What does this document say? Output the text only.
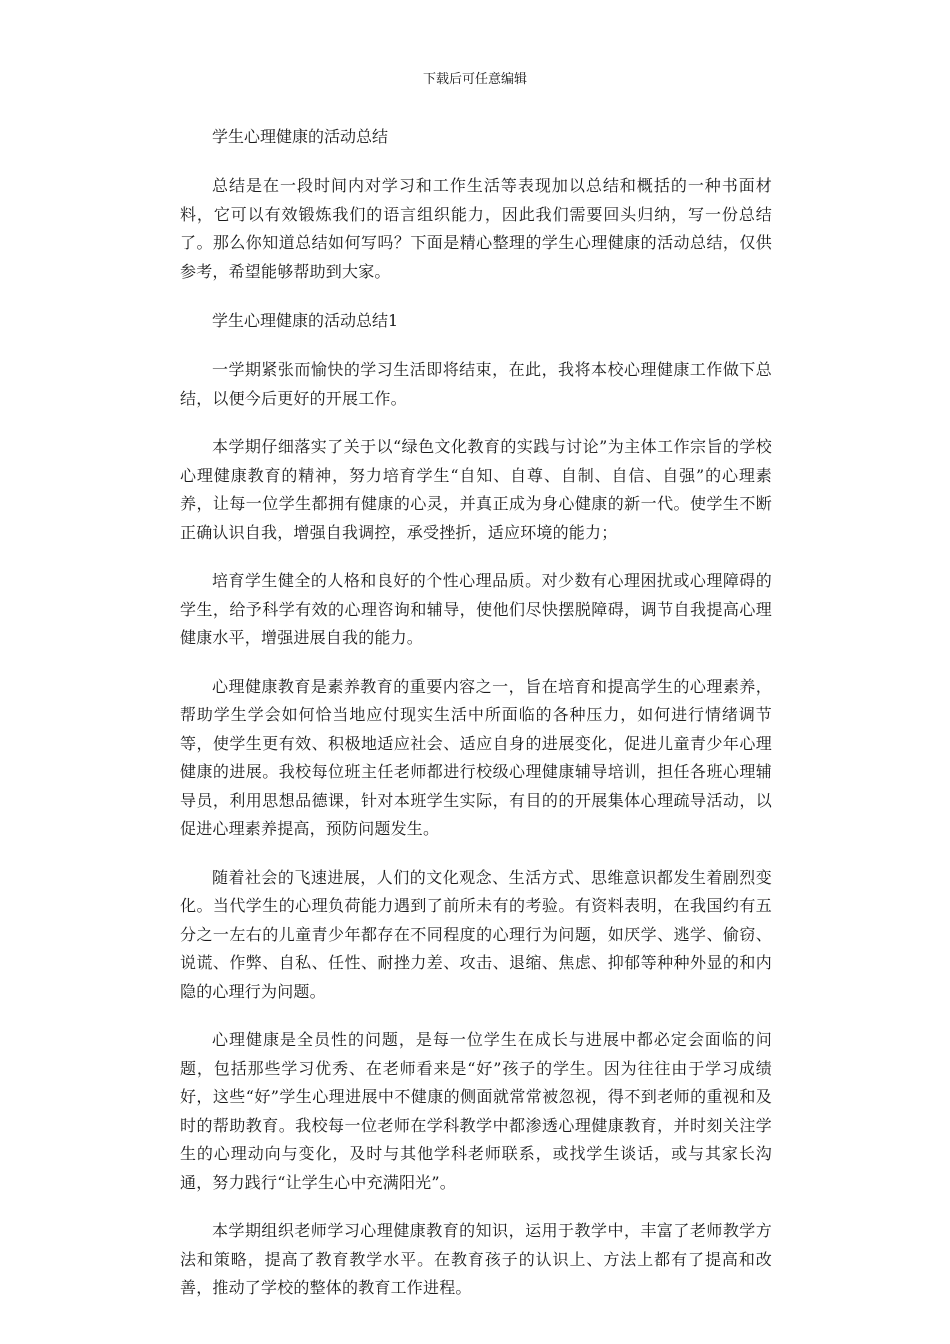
下载后可任意编辑

学生心理健康的活动总结

总结是在一段时间内对学习和工作生活等表现加以总结和概括的一种书面材料，它可以有效锻炼我们的语言组织能力，因此我们需要回头归纳，写一份总结了。那么你知道总结如何写吗？下面是精心整理的学生心理健康的活动总结，仅供参考，希望能够帮助到大家。

学生心理健康的活动总结1

一学期紧张而愉快的学习生活即将结束，在此，我将本校心理健康工作做下总结，以便今后更好的开展工作。

本学期仔细落实了关于以“绿色文化教育的实践与讨论”为主体工作宗旨的学校心理健康教育的精神，努力培育学生“自知、自尊、自制、自信、自强”的心理素养，让每一位学生都拥有健康的心灵，并真正成为身心健康的新一代。使学生不断正确认识自我，增强自我调控，承受挫折，适应环境的能力；

培育学生健全的人格和良好的个性心理品质。对少数有心理困扰或心理障碍的学生，给予科学有效的心理咨询和辅导，使他们尽快摆脱障碍，调节自我提高心理健康水平，增强进展自我的能力。

心理健康教育是素养教育的重要内容之一，旨在培育和提高学生的心理素养，帮助学生学会如何恰当地应付现实生活中所面临的各种压力，如何进行情绪调节等，使学生更有效、积极地适应社会、适应自身的进展变化，促进儿童青少年心理健康的进展。我校每位班主任老师都进行校级心理健康辅导培训，担任各班心理辅导员，利用思想品德课，针对本班学生实际，有目的的开展集体心理疏导活动，以促进心理素养提高，预防问题发生。

随着社会的飞速进展，人们的文化观念、生活方式、思维意识都发生着剧烈变化。当代学生的心理负荷能力遇到了前所未有的考验。有资料表明，在我国约有五分之一左右的儿童青少年都存在不同程度的心理行为问题，如厌学、逃学、偷窃、说谎、作弊、自私、任性、耐挫力差、攻击、退缩、焦虑、抑郁等种种外显的和内隐的心理行为问题。

心理健康是全员性的问题，是每一位学生在成长与进展中都必定会面临的问题，包括那些学习优秀、在老师看来是“好”孩子的学生。因为往往由于学习成绩好，这些“好”学生心理进展中不健康的侧面就常常被忽视，得不到老师的重视和及时的帮助教育。我校每一位老师在学科教学中都渗透心理健康教育，并时刻关注学生的心理动向与变化，及时与其他学科老师联系，或找学生谈话，或与其家长沟通，努力践行“让学生心中充满阳光”。

本学期组织老师学习心理健康教育的知识，运用于教学中，丰富了老师教学方法和策略，提高了教育教学水平。在教育孩子的认识上、方法上都有了提高和改善，推动了学校的整体的教育工作进程。
